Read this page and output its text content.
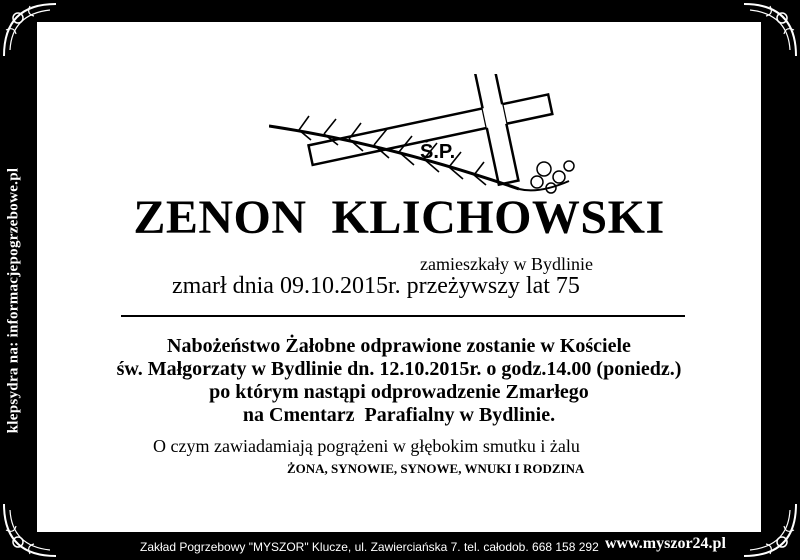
klepsydra na: informacjepogrzebowe.pl
Ś.P.
ZENON  KLICHOWSKI
zamieszkały w Bydlinie
zmarł dnia 09.10.2015r. przeżywszy lat 75
Nabożeństwo Żałobne odprawione zostanie w Kościele
św. Małgorzaty w Bydlinie dn. 12.10.2015r. o godz.14.00 (poniedz.)
po którym nastąpi odprowadzenie Zmarłego
na Cmentarz  Parafialny w Bydlinie.
O czym zawiadamiają pogrążeni w głębokim smutku i żalu
ŻONA, SYNOWIE, SYNOWE, WNUKI I RODZINA
Zakład Pogrzebowy "MYSZOR" Klucze, ul. Zawierciańska 7. tel. całodob. 668 158 292 www.myszor24.pl
